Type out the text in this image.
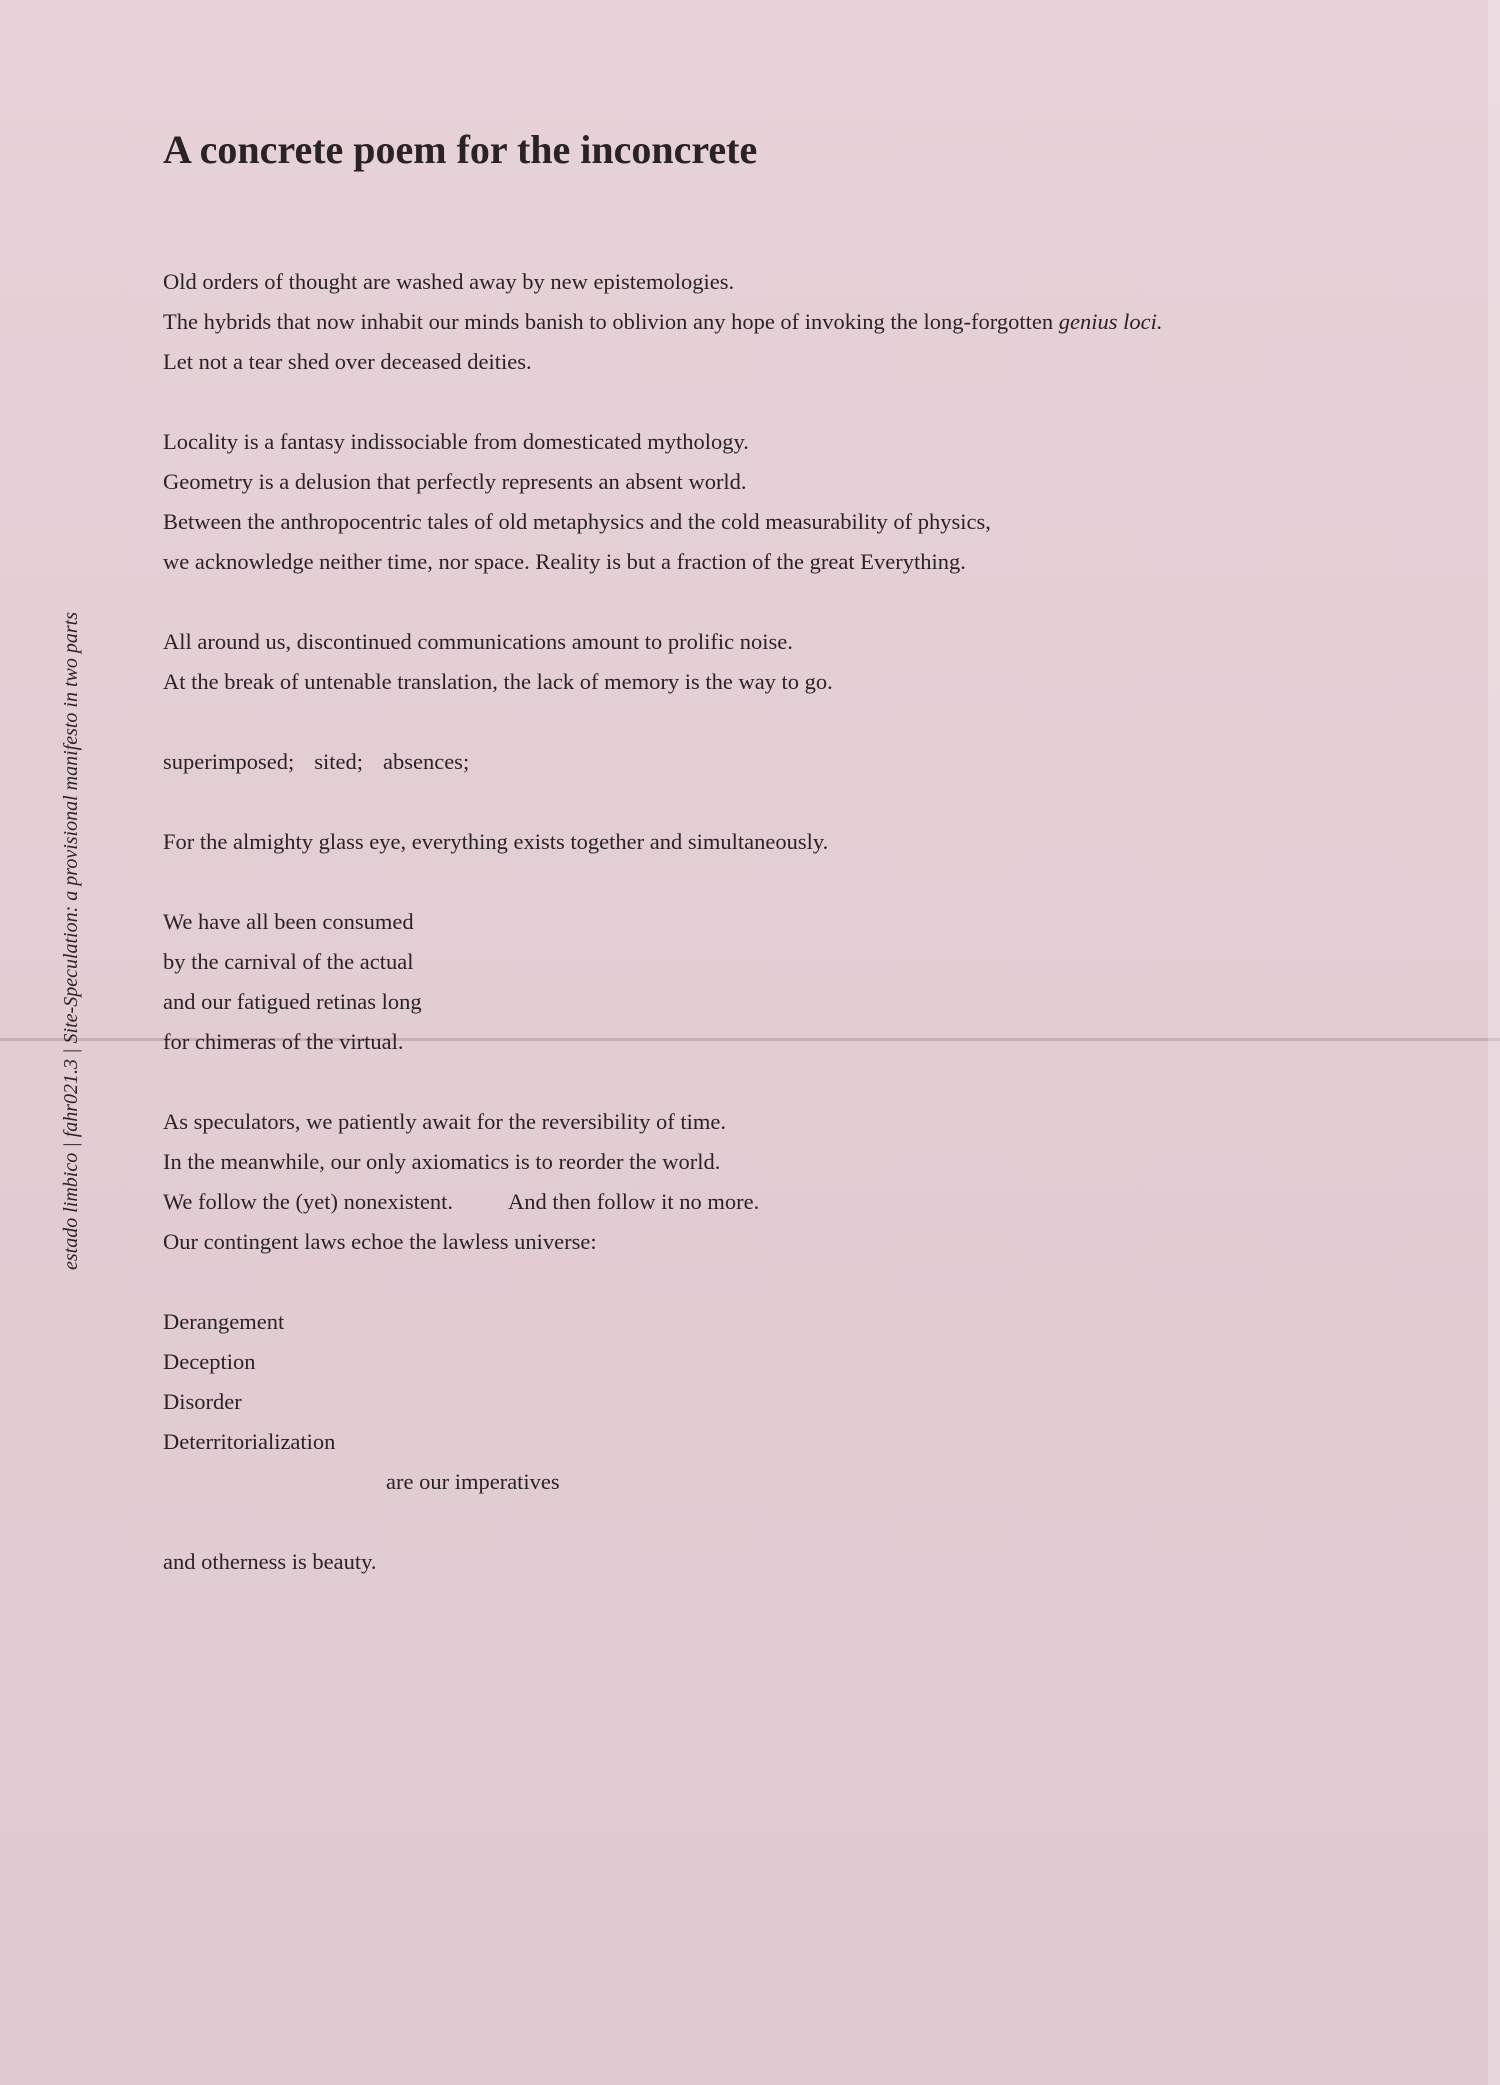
A concrete poem for the inconcrete
estado limbico | fahr021.3 | Site-Speculation: a provisional manifesto in two parts
Old orders of thought are washed away by new epistemologies.
The hybrids that now inhabit our minds banish to oblivion any hope of invoking the long-forgotten genius loci.
Let not a tear shed over deceased deities.
Locality is a fantasy indissociable from domesticated mythology.
Geometry is a delusion that perfectly represents an absent world.
Between the anthropocentric tales of old metaphysics and the cold measurability of physics,
we acknowledge neither time, nor space. Reality is but a fraction of the great Everything.
All around us, discontinued communications amount to prolific noise.
At the break of untenable translation, the lack of memory is the way to go.
superimposed; sited; absences;
For the almighty glass eye, everything exists together and simultaneously.
We have all been consumed
by the carnival of the actual
and our fatigued retinas long
for chimeras of the virtual.
As speculators, we patiently await for the reversibility of time.
In the meanwhile, our only axiomatics is to reorder the world.
We follow the (yet) nonexistent. And then follow it no more.
Our contingent laws echoe the lawless universe:
Derangement
Deception
Disorder
Deterritorialization
are our imperatives
and otherness is beauty.
